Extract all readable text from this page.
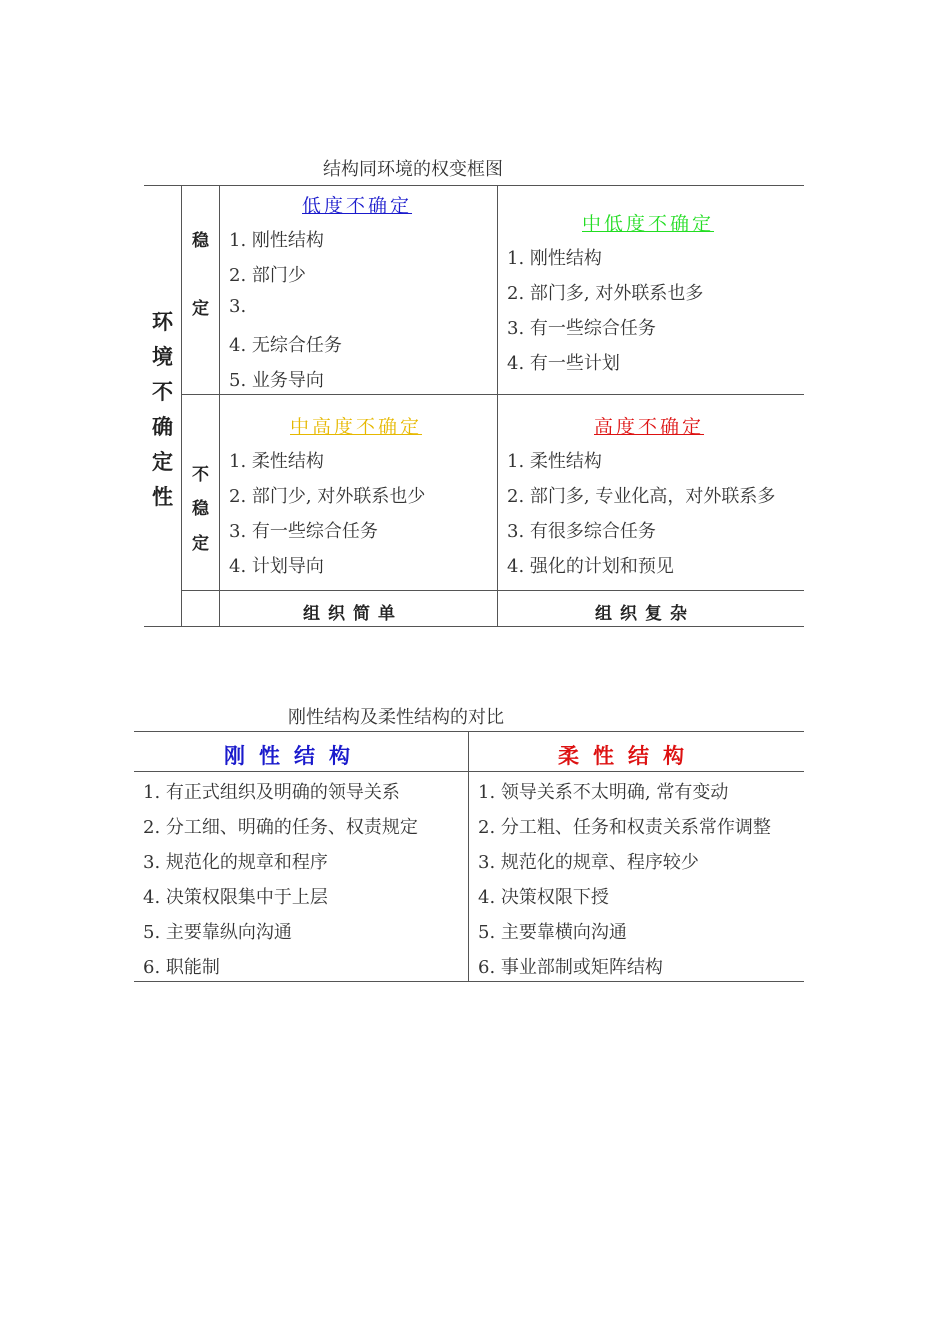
结构同环境的权变框图
环
境
不
确
定
性
稳
定
不
稳
定
低度不确定
1. 刚性结构
2. 部门少
3.
4. 无综合任务
5. 业务导向
中低度不确定
1. 刚性结构
2. 部门多, 对外联系也多
3. 有一些综合任务
4. 有一些计划
中高度不确定
1. 柔性结构
2. 部门少, 对外联系也少
3. 有一些综合任务
4. 计划导向
高度不确定
1. 柔性结构
2. 部门多, 专业化高，对外联系多
3. 有很多综合任务
4. 强化的计划和预见
组织简单	组织复杂
刚性结构及柔性结构的对比
刚性结构	柔性结构
1. 有正式组织及明确的领导关系
2. 分工细、明确的任务、权责规定
3. 规范化的规章和程序
4. 决策权限集中于上层
5. 主要靠纵向沟通
6. 职能制
1. 领导关系不太明确, 常有变动
2. 分工粗、任务和权责关系常作调整
3. 规范化的规章、程序较少
4. 决策权限下授
5. 主要靠横向沟通
6. 事业部制或矩阵结构
